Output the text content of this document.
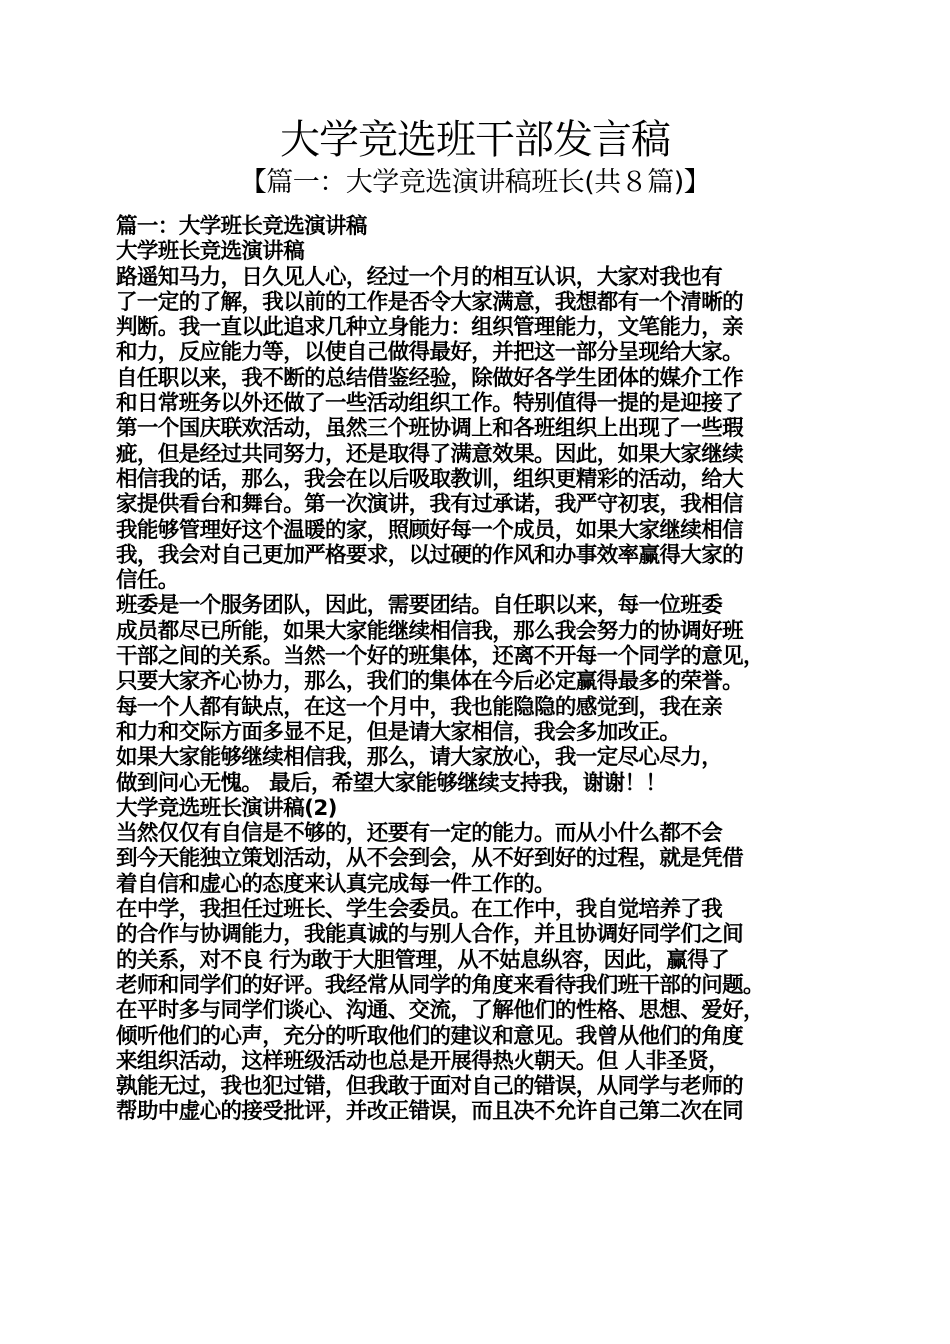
大学竞选班干部发言稿
【篇一：大学竞选演讲稿班长(共８篇)】
篇一：大学班长竞选演讲稿
大学班长竞选演讲稿
路遥知马力，日久见人心，经过一个月的相互认识，大家对我也有
了一定的了解，我以前的工作是否令大家满意，我想都有一个清晰的
判断。我一直以此追求几种立身能力：组织管理能力，文笔能力，亲
和力，反应能力等，以使自己做得最好，并把这一部分呈现给大家。
自任职以来，我不断的总结借鉴经验，除做好各学生团体的媒介工作
和日常班务以外还做了一些活动组织工作。特别值得一提的是迎接了
第一个国庆联欢活动，虽然三个班协调上和各班组织上出现了一些瑕
疵，但是经过共同努力，还是取得了满意效果。因此，如果大家继续
相信我的话，那么，我会在以后吸取教训，组织更精彩的活动，给大
家提供看台和舞台。第一次演讲，我有过承诺，我严守初衷，我相信
我能够管理好这个温暖的家，照顾好每一个成员，如果大家继续相信
我，我会对自己更加严格要求，以过硬的作风和办事效率赢得大家的
信任。
班委是一个服务团队，因此，需要团结。自任职以来，每一位班委
成员都尽已所能，如果大家能继续相信我，那么我会努力的协调好班
干部之间的关系。当然一个好的班集体，还离不开每一个同学的意见，
只要大家齐心协力，那么，我们的集体在今后必定赢得最多的荣誉。
每一个人都有缺点，在这一个月中，我也能隐隐的感觉到，我在亲
和力和交际方面多显不足，但是请大家相信，我会多加改正。
如果大家能够继续相信我，那么，请大家放心，我一定尽心尽力，
做到问心无愧。 最后，希望大家能够继续支持我，谢谢！！
大学竞选班长演讲稿(2)
当然仅仅有自信是不够的，还要有一定的能力。而从小什么都不会
到今天能独立策划活动，从不会到会，从不好到好的过程，就是凭借
着自信和虚心的态度来认真完成每一件工作的。
在中学，我担任过班长、学生会委员。在工作中，我自觉培养了我
的合作与协调能力，我能真诚的与别人合作，并且协调好同学们之间
的关系，对不良 行为敢于大胆管理，从不姑息纵容，因此，赢得了
老师和同学们的好评。我经常从同学的角度来看待我们班干部的问题。
在平时多与同学们谈心、沟通、交流，了解他们的性格、思想、爱好，
倾听他们的心声，充分的听取他们的建议和意见。我曾从他们的角度
来组织活动，这样班级活动也总是开展得热火朝天。但 人非圣贤，
孰能无过，我也犯过错，但我敢于面对自己的错误，从同学与老师的
帮助中虚心的接受批评，并改正错误，而且决不允许自己第二次在同
